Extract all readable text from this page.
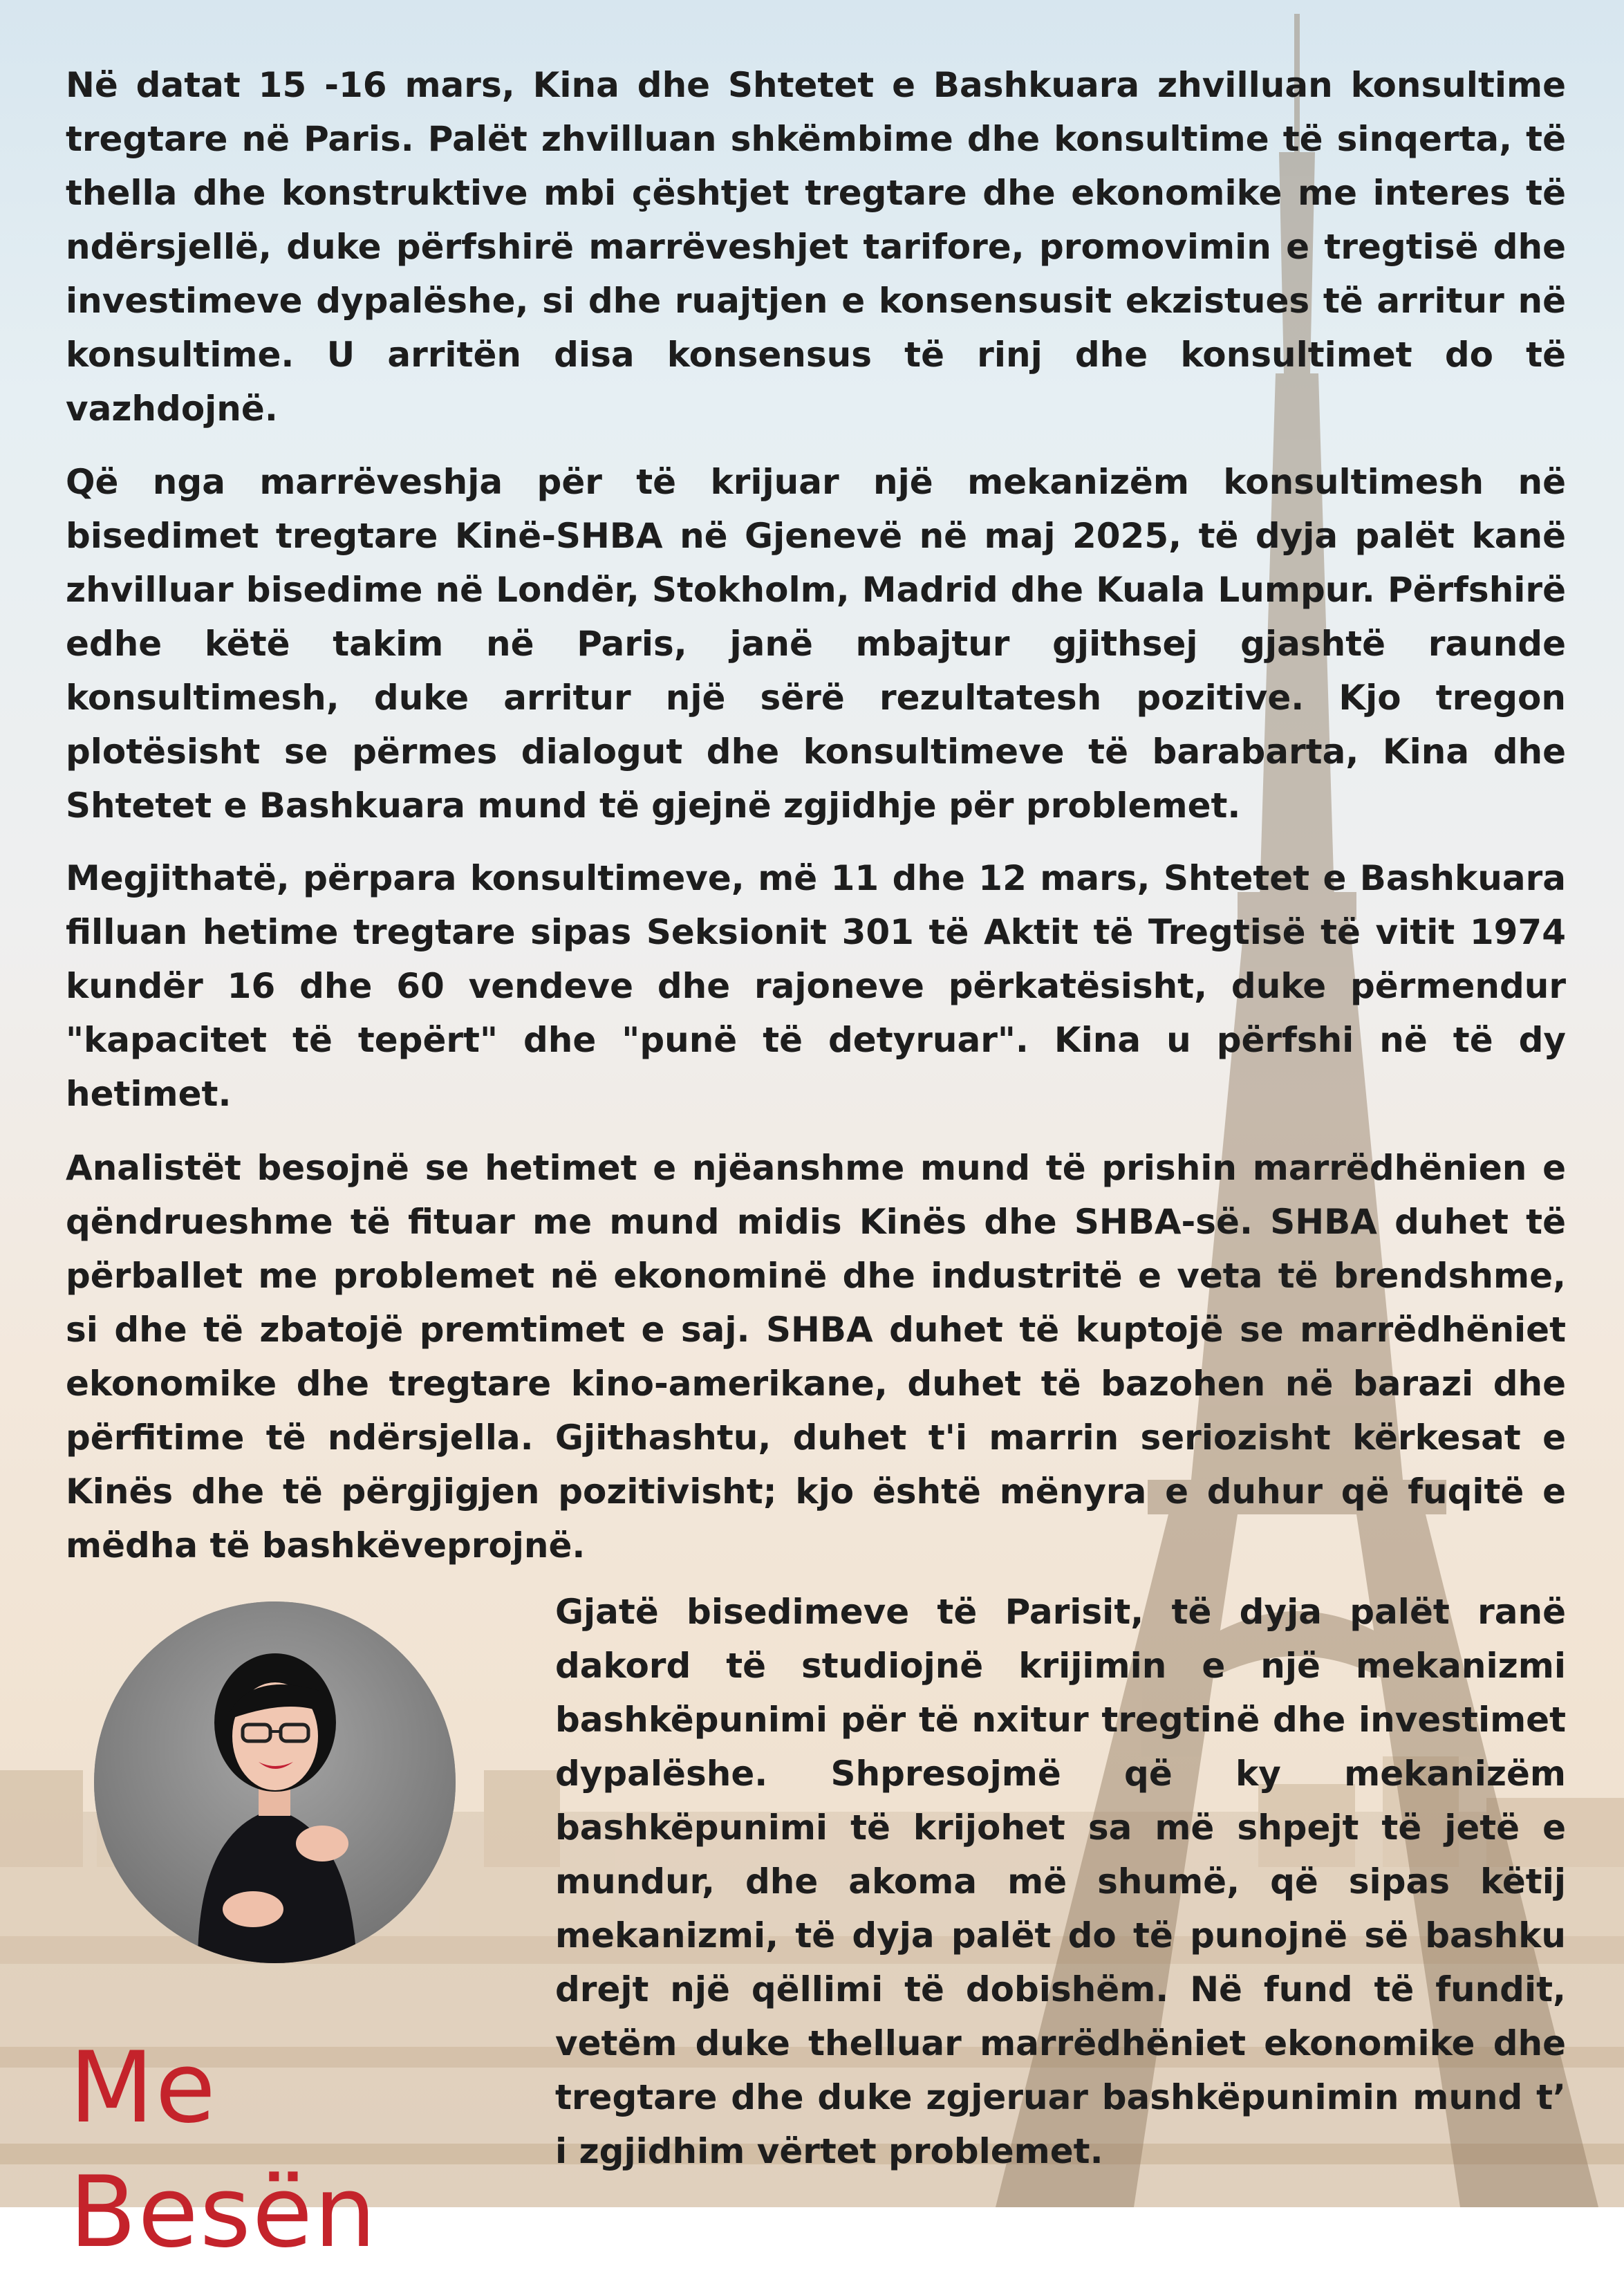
Në datat 15 -16 mars, Kina dhe Shtetet e Bashkuara zhvilluan konsultime tregtare në Paris. Palët zhvilluan shkëmbime dhe konsultime të sinqerta, të thella dhe konstruktive mbi çështjet tregtare dhe ekonomike me interes të ndërsjellë, duke përfshirë marrëveshjet tarifore, promovimin e tregtisë dhe investimeve dypalëshe, si dhe ruajtjen e konsensusit ekzistues të arritur në konsultime. U arritën disa konsensus të rinj dhe konsultimet do të vazhdojnë.

Që nga marrëveshja për të krijuar një mekanizëm konsultimesh në bisedimet tregtare Kinë-SHBA në Gjenevë në maj 2025, të dyja palët kanë zhvilluar bisedime në Londër, Stokholm, Madrid dhe Kuala Lumpur. Përfshirë edhe këtë takim në Paris, janë mbajtur gjithsej gjashtë raunde konsultimesh, duke arritur një sërë rezultatesh pozitive. Kjo tregon plotësisht se përmes dialogut dhe konsultimeve të barabarta, Kina dhe Shtetet e Bashkuara mund të gjejnë zgjidhje për problemet.

Megjithatë, përpara konsultimeve, më 11 dhe 12 mars, Shtetet e Bashkuara filluan hetime tregtare sipas Seksionit 301 të Aktit të Tregtisë të vitit 1974 kundër 16 dhe 60 vendeve dhe rajoneve përkatësisht, duke përmendur "kapacitet të tepërt" dhe "punë të detyruar". Kina u përfshi në të dy hetimet.

Analistët besojnë se hetimet e njëanshme mund të prishin marrëdhënien e qëndrueshme të fituar me mund midis Kinës dhe SHBA-së. SHBA duhet të përballet me problemet në ekonominë dhe industritë e veta të brendshme, si dhe të zbatojë premtimet e saj. SHBA duhet të kuptojë se marrëdhëniet ekonomike dhe tregtare kino-amerikane, duhet të bazohen në barazi dhe përfitime të ndërsjella. Gjithashtu, duhet t'i marrin seriozisht kërkesat e Kinës dhe të përgjigjen pozitivisht; kjo është mënyra e duhur që fuqitë e mëdha të bashkëveprojnë.

Gjatë bisedimeve të Parisit, të dyja palët ranë dakord të studiojnë krijimin e një mekanizmi bashkëpunimi për të nxitur tregtinë dhe investimet dypalëshe. Shpresojmë që ky mekanizëm bashkëpunimi të krijohet sa më shpejt të jetë e mundur, dhe akoma më shumë, që sipas këtij mekanizmi, të dyja palët do të punojnë së bashku drejt një qëllimi të dobishëm. Në fund të fundit, vetëm duke thelluar marrëdhëniet ekonomike dhe tregtare dhe duke zgjeruar bashkëpunimin mund t’ i zgjidhim vërtet problemet.

Me Besën
